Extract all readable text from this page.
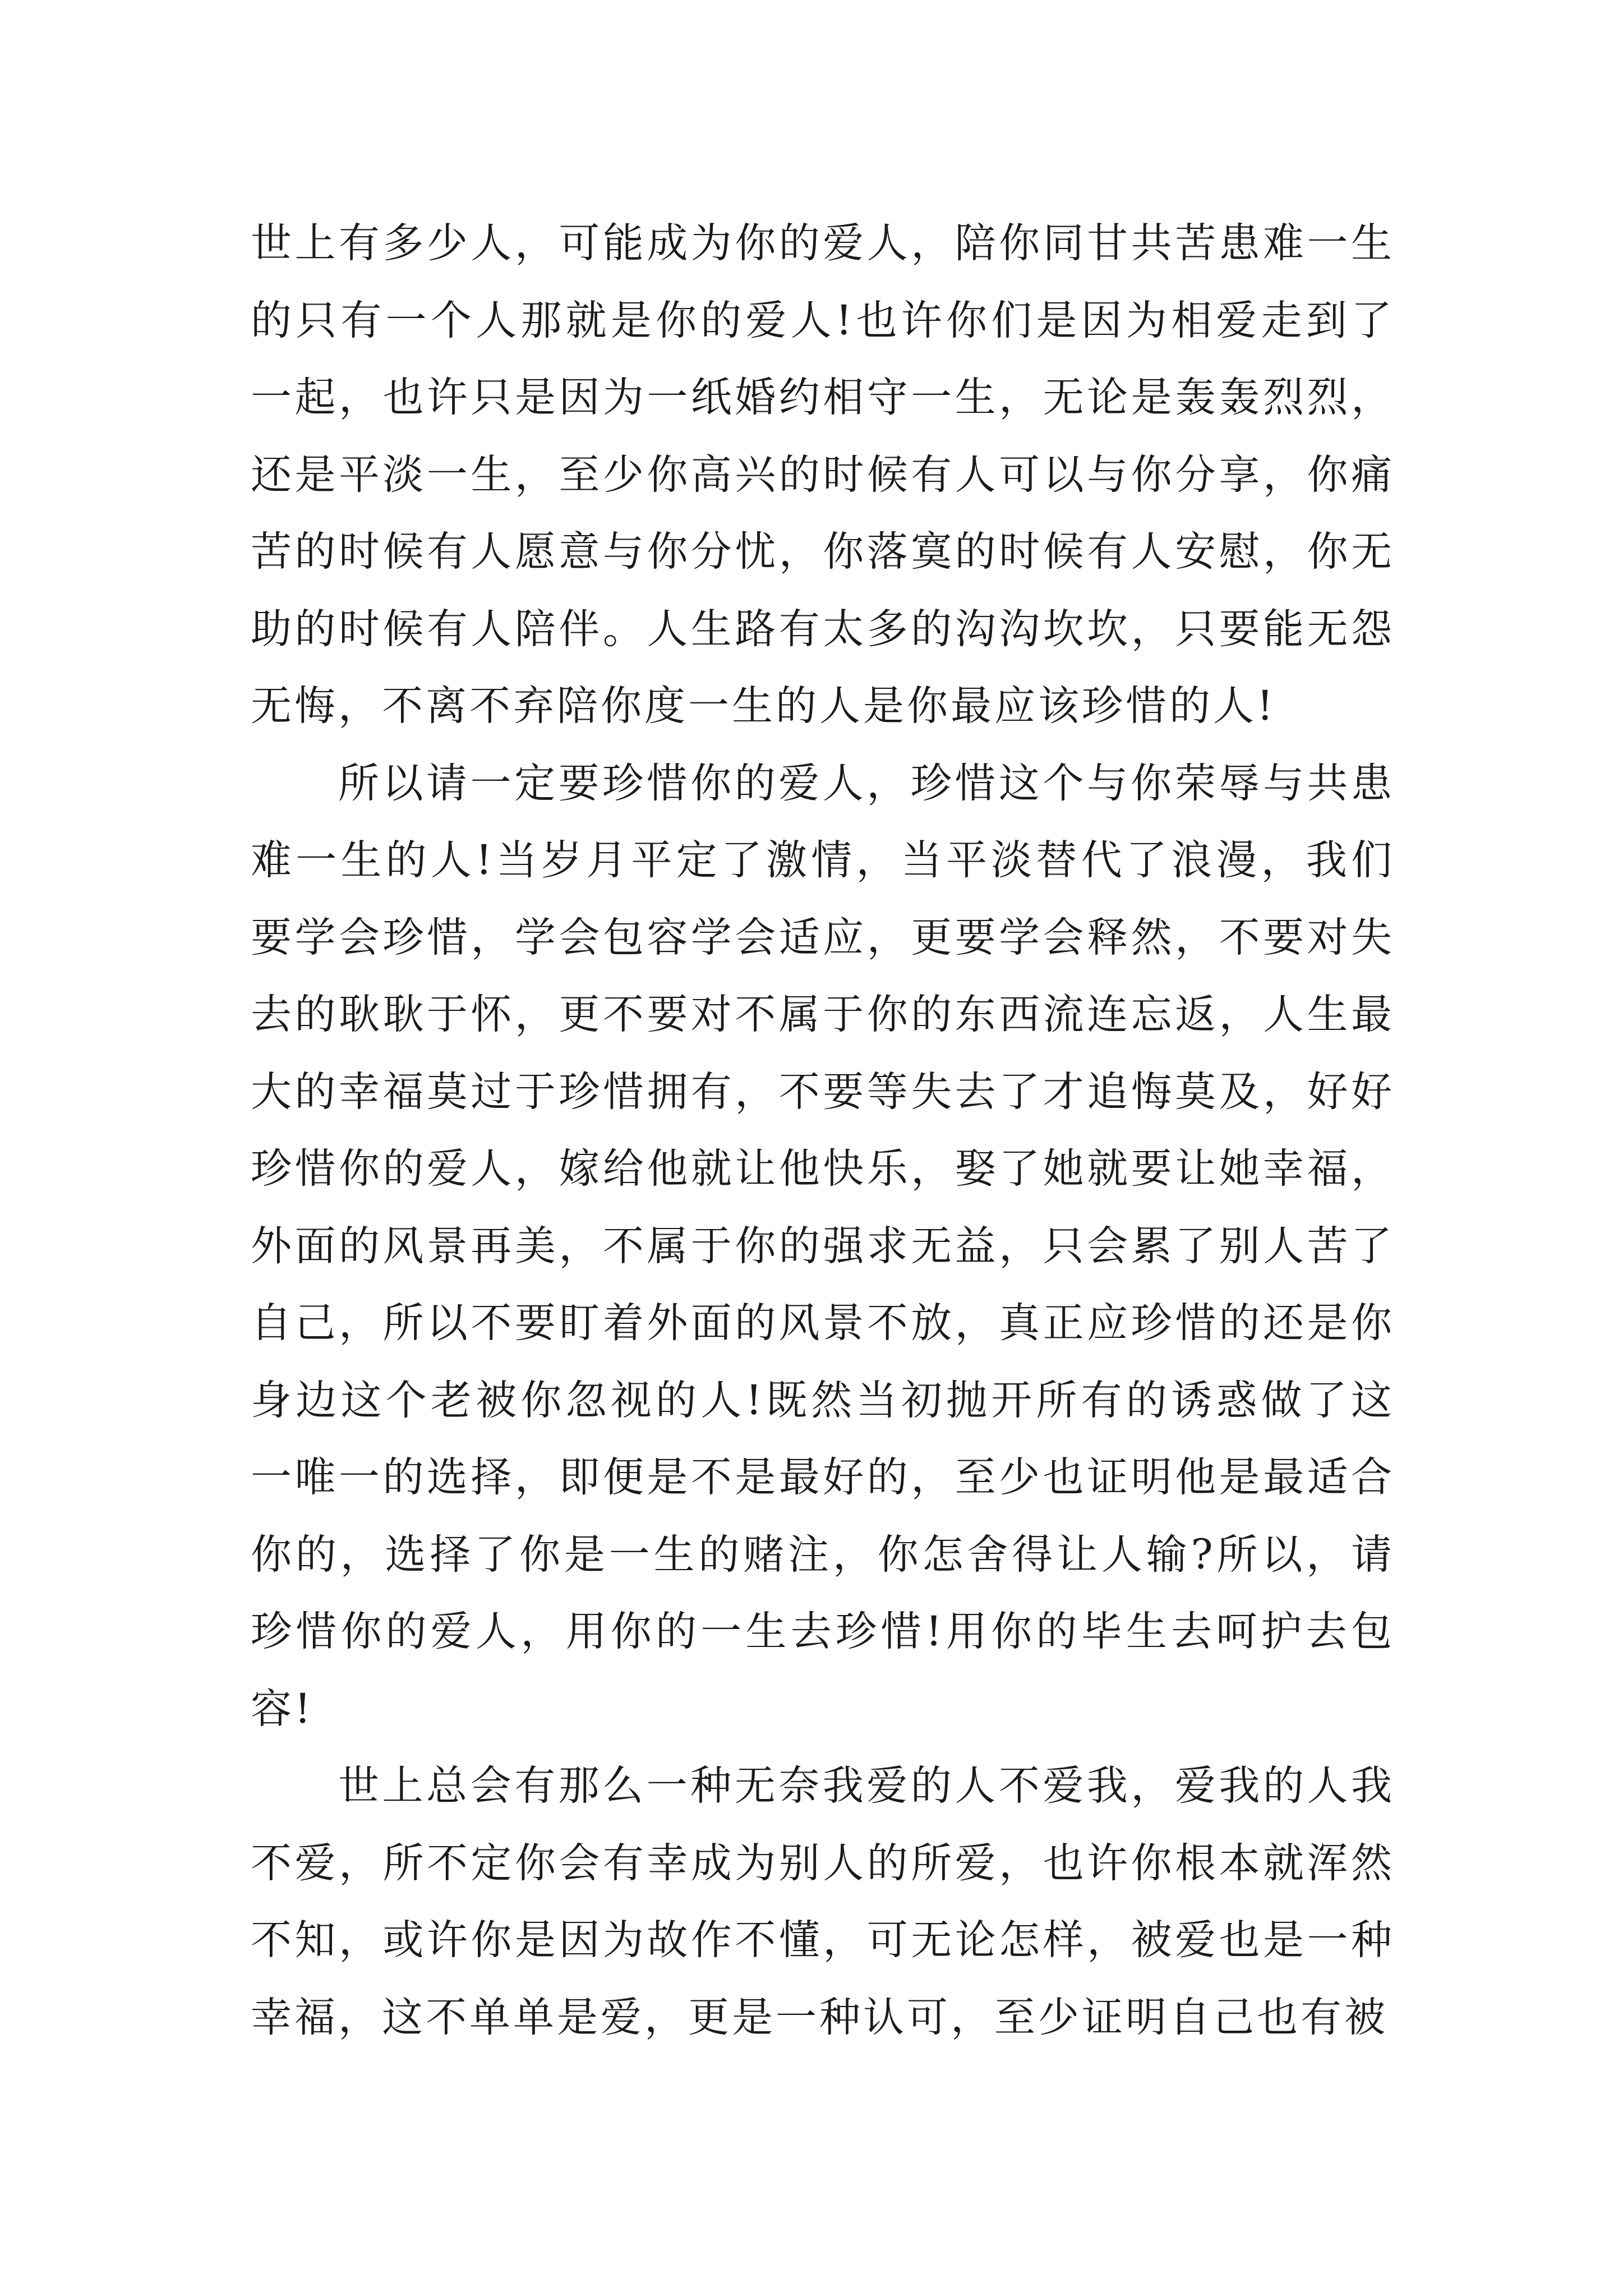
世上有多少人，可能成为你的爱人，陪你同甘共苦患难一生的只有一个人那就是你的爱人!也许你们是因为相爱走到了一起，也许只是因为一纸婚约相守一生，无论是轰轰烈烈，还是平淡一生，至少你高兴的时候有人可以与你分享，你痛苦的时候有人愿意与你分忧，你落寞的时候有人安慰，你无助的时候有人陪伴。人生路有太多的沟沟坎坎，只要能无怨无悔，不离不弃陪你度一生的人是你最应该珍惜的人!

所以请一定要珍惜你的爱人，珍惜这个与你荣辱与共患难一生的人!当岁月平定了激情，当平淡替代了浪漫，我们要学会珍惜，学会包容学会适应，更要学会释然，不要对失去的耿耿于怀，更不要对不属于你的东西流连忘返，人生最大的幸福莫过于珍惜拥有，不要等失去了才追悔莫及，好好珍惜你的爱人，嫁给他就让他快乐，娶了她就要让她幸福，外面的风景再美，不属于你的强求无益，只会累了别人苦了自己，所以不要盯着外面的风景不放，真正应珍惜的还是你身边这个老被你忽视的人!既然当初抛开所有的诱惑做了这一唯一的选择，即便是不是最好的，至少也证明他是最适合你的，选择了你是一生的赌注，你怎舍得让人输?所以，请珍惜你的爱人，用你的一生去珍惜!用你的毕生去呵护去包容!

世上总会有那么一种无奈我爱的人不爱我，爱我的人我不爱，所不定你会有幸成为别人的所爱，也许你根本就浑然不知，或许你是因为故作不懂，可无论怎样，被爱也是一种幸福，这不单单是爱，更是一种认可，至少证明自己也有被
